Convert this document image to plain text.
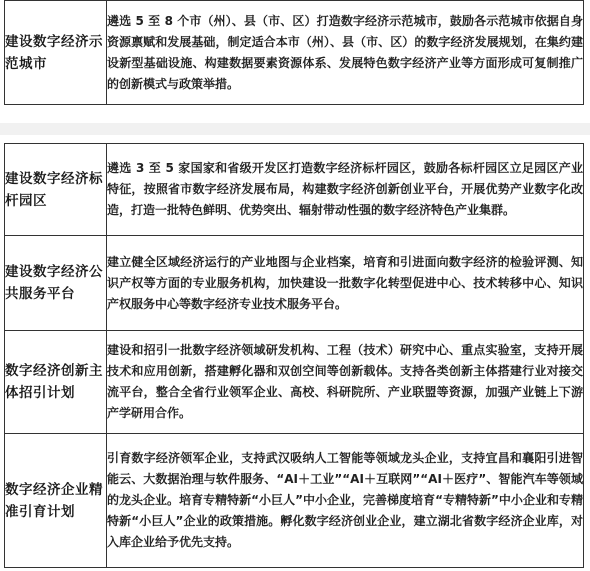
建设数字经济示范城市	遴选 5 至 8 个市（州）、县（市、区）打造数字经济示范城市，鼓励各示范城市依据自身资源禀赋和发展基础，制定适合本市（州）、县（市、区）的数字经济发展规划，在集约建设新型基础设施、构建数据要素资源体系、发展特色数字经济产业等方面形成可复制推广的创新模式与政策举措。
建设数字经济标杆园区	遴选 3 至 5 家国家和省级开发区打造数字经济标杆园区，鼓励各标杆园区立足园区产业特征，按照省市数字经济发展布局，构建数字经济创新创业平台，开展优势产业数字化改造，打造一批特色鲜明、优势突出、辐射带动性强的数字经济特色产业集群。
建设数字经济公共服务平台	建立健全区域经济运行的产业地图与企业档案，培育和引进面向数字经济的检验评测、知识产权等方面的专业服务机构，加快建设一批数字化转型促进中心、技术转移中心、知识产权服务中心等数字经济专业技术服务平台。
数字经济创新主体招引计划	建设和招引一批数字经济领域研发机构、工程（技术）研究中心、重点实验室，支持开展技术和应用创新，搭建孵化器和双创空间等创新载体。支持各类创新主体搭建行业对接交流平台，整合全省行业领军企业、高校、科研院所、产业联盟等资源，加强产业链上下游产学研用合作。
数字经济企业精准引育计划	引育数字经济领军企业，支持武汉吸纳人工智能等领域龙头企业，支持宜昌和襄阳引进智能云、大数据治理与软件服务、“AI＋工业”“AI＋互联网”“AI＋医疗”、智能汽车等领域的龙头企业。培育专精特新“小巨人”中小企业，完善梯度培育“专精特新”中小企业和专精特新“小巨人”企业的政策措施。孵化数字经济创业企业，建立湖北省数字经济企业库，对入库企业给予优先支持。
